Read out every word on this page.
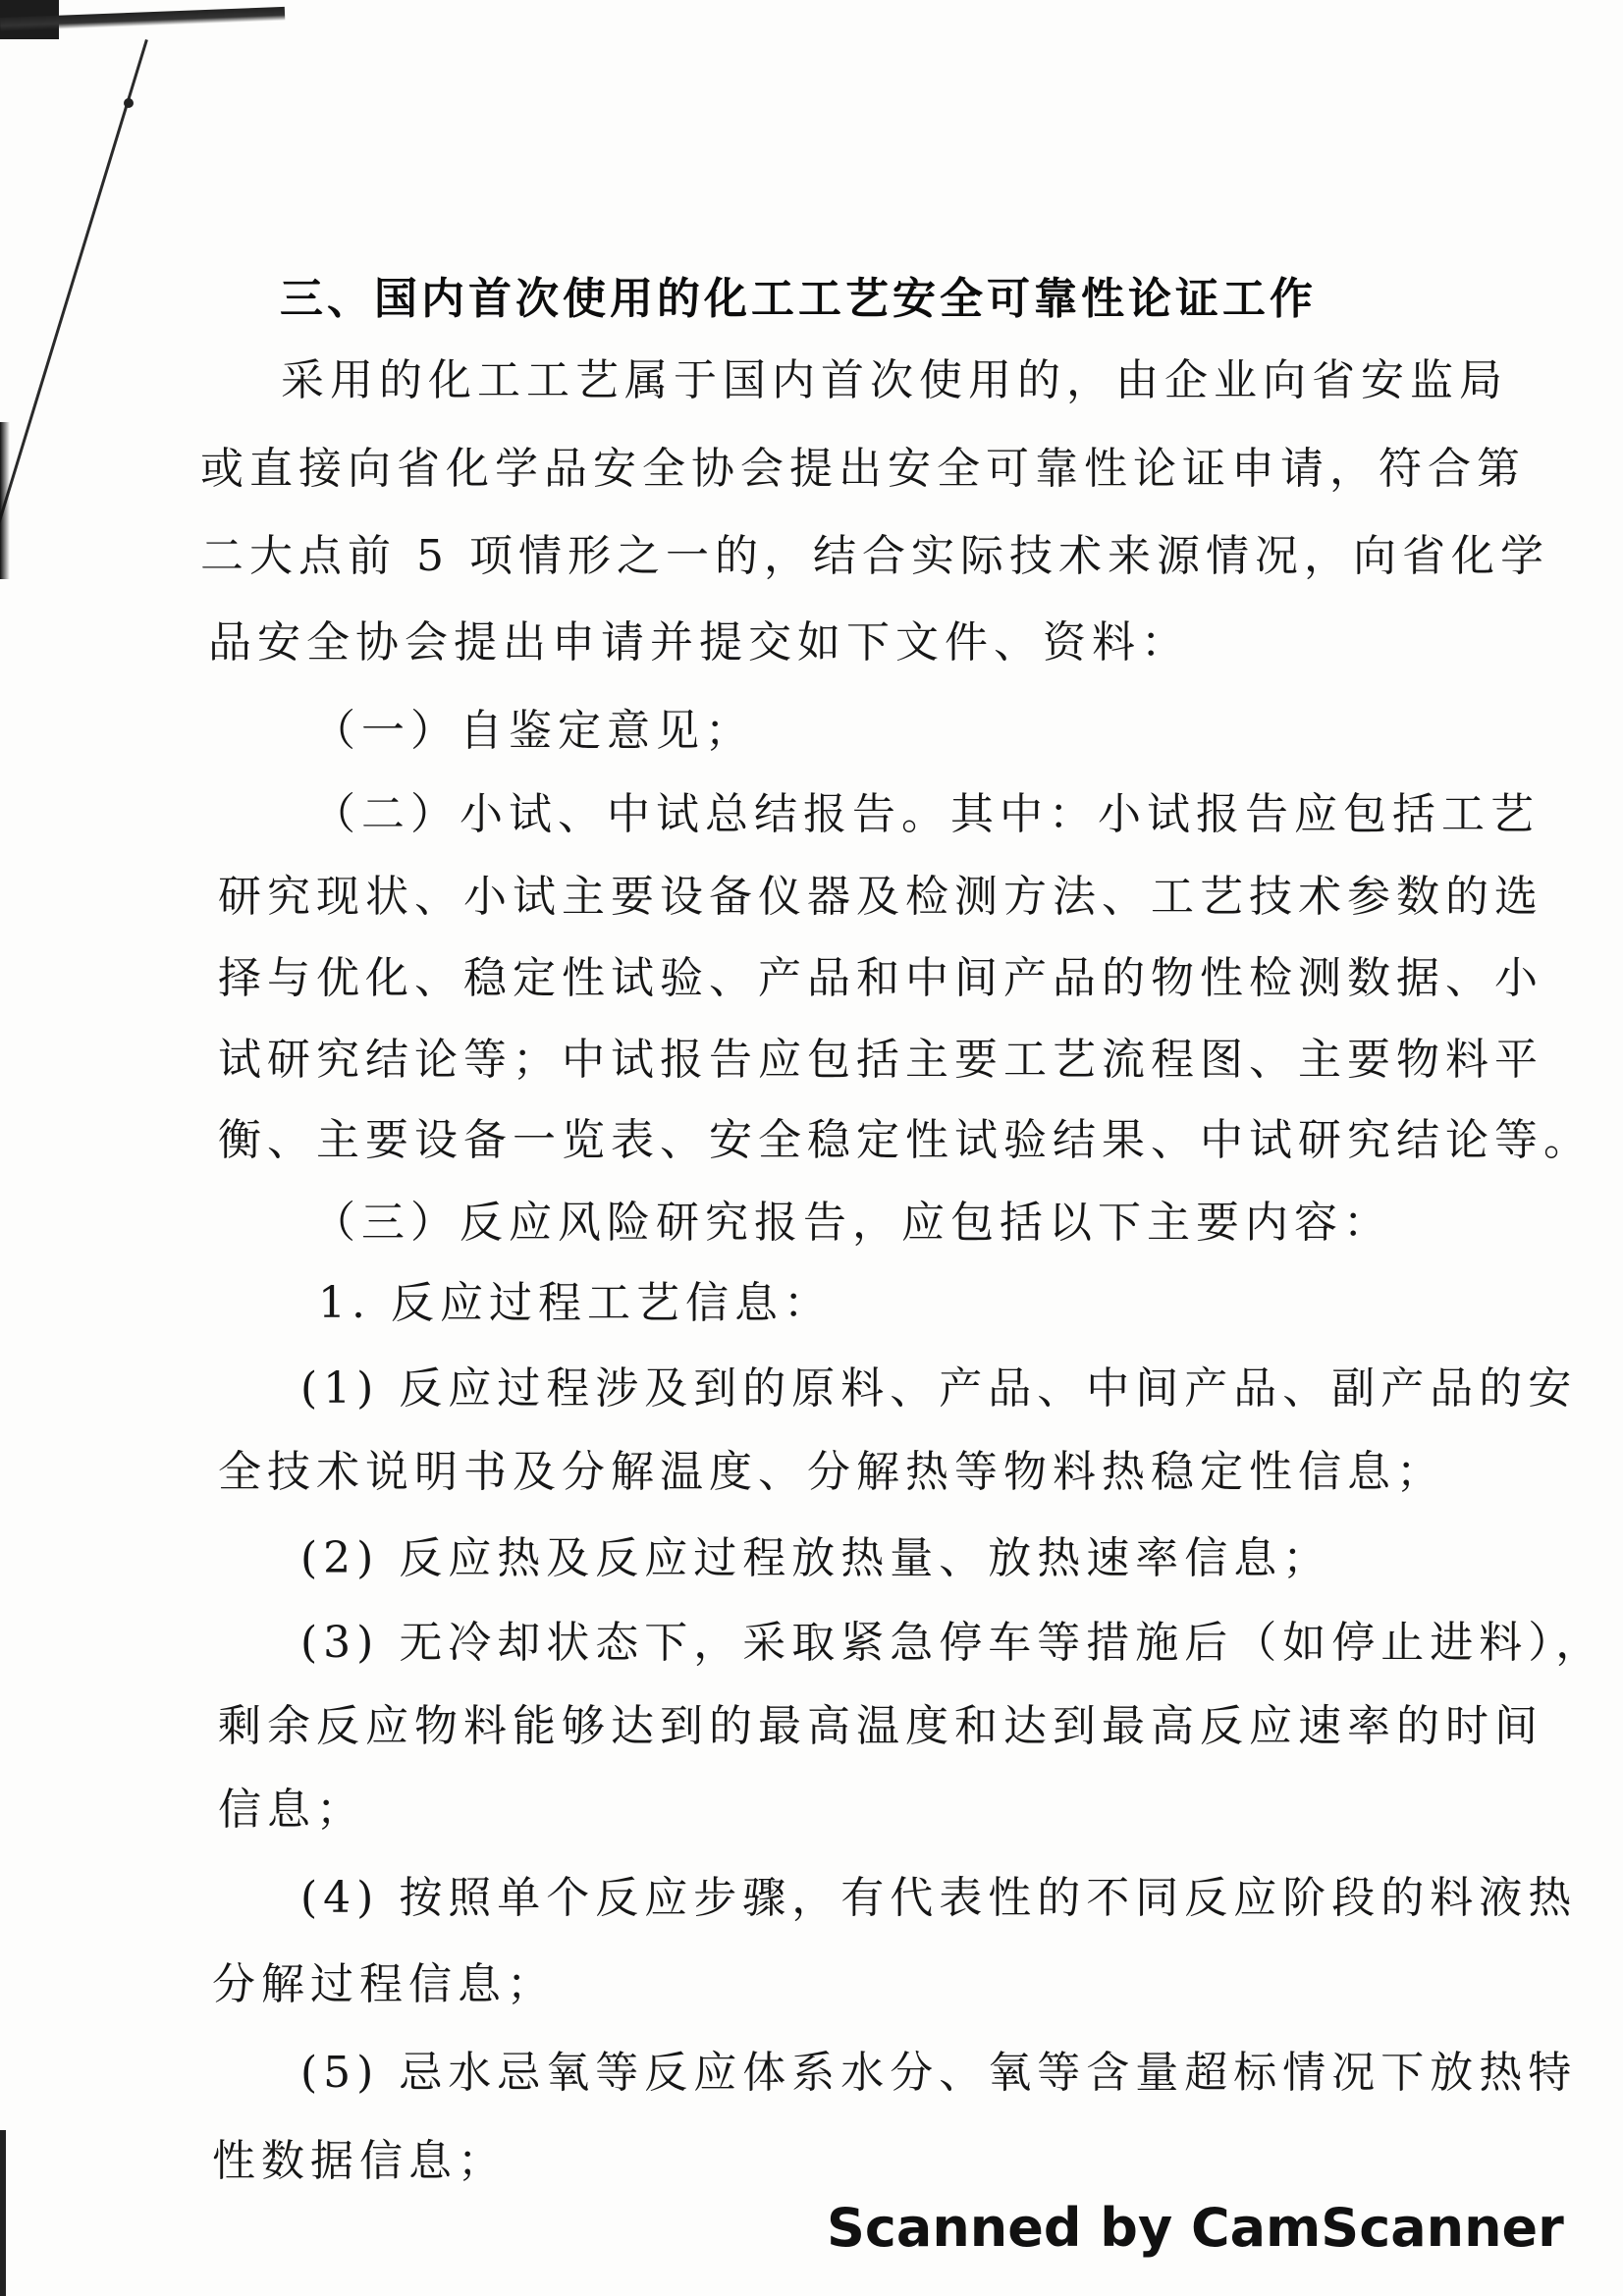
三、国内首次使用的化工工艺安全可靠性论证工作
采用的化工工艺属于国内首次使用的，由企业向省安监局
或直接向省化学品安全协会提出安全可靠性论证申请，符合第
二大点前 5 项情形之一的，结合实际技术来源情况，向省化学
品安全协会提出申请并提交如下文件、资料：
（一）自鉴定意见；
（二）小试、中试总结报告。其中：小试报告应包括工艺
研究现状、小试主要设备仪器及检测方法、工艺技术参数的选
择与优化、稳定性试验、产品和中间产品的物性检测数据、小
试研究结论等；中试报告应包括主要工艺流程图、主要物料平
衡、主要设备一览表、安全稳定性试验结果、中试研究结论等。
（三）反应风险研究报告，应包括以下主要内容：
1. 反应过程工艺信息：
(1) 反应过程涉及到的原料、产品、中间产品、副产品的安
全技术说明书及分解温度、分解热等物料热稳定性信息；
(2) 反应热及反应过程放热量、放热速率信息；
(3) 无冷却状态下，采取紧急停车等措施后（如停止进料），
剩余反应物料能够达到的最高温度和达到最高反应速率的时间
信息；
(4) 按照单个反应步骤，有代表性的不同反应阶段的料液热
分解过程信息；
(5) 忌水忌氧等反应体系水分、氧等含量超标情况下放热特
性数据信息；
Scanned by CamScanner
